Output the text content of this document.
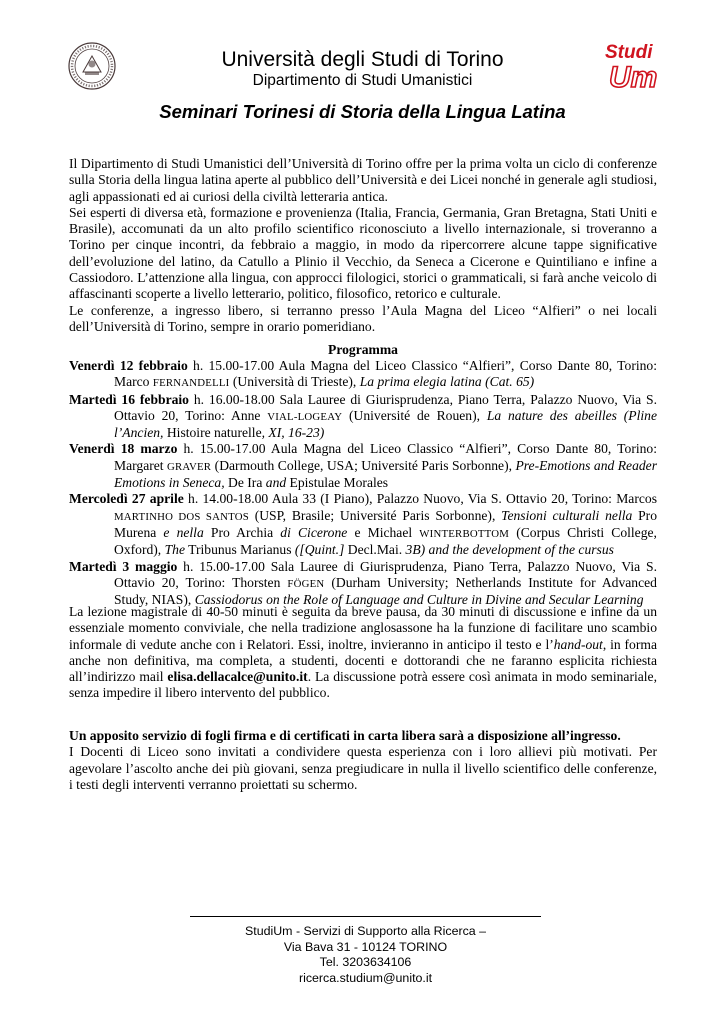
Studi
Um
Università degli Studi di Torino
Dipartimento di Studi Umanistici
Seminari Torinesi di Storia della Lingua Latina

Il Dipartimento di Studi Umanistici dell’Università di Torino offre per la prima volta un ciclo di conferenze sulla Storia della lingua latina aperte al pubblico dell’Università e dei Licei nonché in generale agli studiosi, agli appassionati ed ai curiosi della civiltà letteraria antica.

Sei esperti di diversa età, formazione e provenienza (Italia, Francia, Germania, Gran Bretagna, Stati Uniti e Brasile), accomunati da un alto profilo scientifico riconosciuto a livello internazionale, si troveranno a Torino per cinque incontri, da febbraio a maggio, in modo da ripercorrere alcune tappe significative dell’evoluzione del latino, da Catullo a Plinio il Vecchio, da Seneca a Cicerone e Quintiliano e infine a Cassiodoro. L’attenzione alla lingua, con approcci filologici, storici o grammaticali, si farà anche veicolo di affascinanti scoperte a livello letterario, politico, filosofico, retorico e culturale.

Le conferenze, a ingresso libero, si terranno presso l’Aula Magna del Liceo “Alfieri” o nei locali dell’Università di Torino, sempre in orario pomeridiano.

Programma

Venerdì 12 febbraio h. 15.00-17.00 Aula Magna del Liceo Classico “Alfieri”, Corso Dante 80, Torino: Marco FERNANDELLI (Università di Trieste), La prima elegia latina (Cat. 65)

Martedì 16 febbraio h. 16.00-18.00 Sala Lauree di Giurisprudenza, Piano Terra, Palazzo Nuovo, Via S. Ottavio 20, Torino: Anne VIAL-LOGEAY (Université de Rouen), La nature des abeilles (Pline l’Ancien, Histoire naturelle, XI, 16-23)

Venerdì 18 marzo h. 15.00-17.00 Aula Magna del Liceo Classico “Alfieri”, Corso Dante 80, Torino: Margaret GRAVER (Darmouth College, USA; Université Paris Sorbonne), Pre-Emotions and Reader Emotions in Seneca, De Ira and Epistulae Morales

Mercoledì 27 aprile h. 14.00-18.00 Aula 33 (I Piano), Palazzo Nuovo, Via S. Ottavio 20, Torino: Marcos MARTINHO DOS SANTOS (USP, Brasile; Université Paris Sorbonne), Tensioni culturali nella Pro Murena e nella Pro Archia di Cicerone e Michael WINTERBOTTOM (Corpus Christi College, Oxford), The Tribunus Marianus ([Quint.] Decl.Mai. 3B) and the development of the cursus

Martedì 3 maggio h. 15.00-17.00 Sala Lauree di Giurisprudenza, Piano Terra, Palazzo Nuovo, Via S. Ottavio 20, Torino: Thorsten FÖGEN (Durham University; Netherlands Institute for Advanced Study, NIAS), Cassiodorus on the Role of Language and Culture in Divine and Secular Learning

La lezione magistrale di 40-50 minuti è seguita da breve pausa, da 30 minuti di discussione e infine da un essenziale momento conviviale, che nella tradizione anglosassone ha la funzione di facilitare uno scambio informale di vedute anche con i Relatori. Essi, inoltre, invieranno in anticipo il testo e l’hand-out, in forma anche non definitiva, ma completa, a studenti, docenti e dottorandi che ne faranno esplicita richiesta all’indirizzo mail elisa.dellacalce@unito.it. La discussione potrà essere così animata in modo seminariale, senza impedire il libero intervento del pubblico.

Un apposito servizio di fogli firma e di certificati in carta libera sarà a disposizione all’ingresso.

I Docenti di Liceo sono invitati a condividere questa esperienza con i loro allievi più motivati. Per agevolare l’ascolto anche dei più giovani, senza pregiudicare in nulla il livello scientifico delle conferenze, i testi degli interventi verranno proiettati su schermo.

StudiUm - Servizi di Supporto alla Ricerca –
Via Bava 31 - 10124 TORINO
Tel. 3203634106
ricerca.studium@unito.it
